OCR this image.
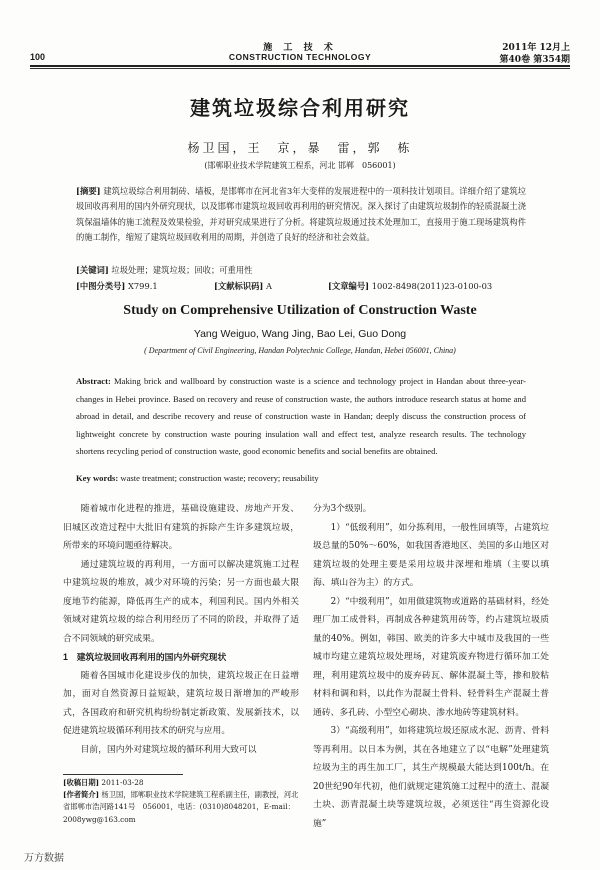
100
施 工 技 术
CONSTRUCTION TECHNOLOGY
2011年 12月上
第40卷 第354期
建筑垃圾综合利用研究
杨卫国，王　京，暴　雷，郭　栋
(邯郸职业技术学院建筑工程系，河北 邯郸　056001)
[摘要] 建筑垃圾综合利用制砖、墙板，是邯郸市在河北省3年大变样的发展进程中的一项科技计划项目。详细介绍了建筑垃圾回收再利用的国内外研究现状，以及邯郸市建筑垃圾回收再利用的研究情况。深入探讨了由建筑垃圾制作的轻质混凝土浇筑保温墙体的施工流程及效果检验，并对研究成果进行了分析。将建筑垃圾通过技术处理加工，直接用于施工现场建筑构件的施工制作，缩短了建筑垃圾回收利用的周期，并创造了良好的经济和社会效益。
[关键词] 垃圾处理；建筑垃圾；回收；可重用性
[中图分类号] X799.1	[文献标识码] A	[文章编号] 1002-8498(2011)23-0100-03
Study on Comprehensive Utilization of Construction Waste
Yang Weiguo, Wang Jing, Bao Lei, Guo Dong
( Department of Civil Engineering, Handan Polytechnic College, Handan, Hebei 056001, China)
Abstract: Making brick and wallboard by construction waste is a science and technology project in Handan about three-year-changes in Hebei province. Based on recovery and reuse of construction waste, the authors introduce research status at home and abroad in detail, and describe recovery and reuse of construction waste in Handan; deeply discuss the construction process of lightweight concrete by construction waste pouring insulation wall and effect test, analyze research results. The technology shortens recycling period of construction waste, good economic benefits and social benefits are obtained.
Key words: waste treatment; construction waste; recovery; reusability

随着城市化进程的推进，基础设施建设、房地产开发、旧城区改造过程中大批旧有建筑的拆除产生许多建筑垃圾，所带来的环境问题亟待解决。

通过建筑垃圾的再利用，一方面可以解决建筑施工过程中建筑垃圾的堆放，减少对环境的污染；另一方面也最大限度地节约能源，降低再生产的成本，利国利民。国内外相关领域对建筑垃圾的综合利用经历了不同的阶段，并取得了适合不同领域的研究成果。

1　建筑垃圾回收再利用的国内外研究现状

随着各国城市化建设步伐的加快，建筑垃圾正在日益增加，面对自然资源日益短缺，建筑垃圾日渐增加的严峻形式，各国政府和研究机构纷纷制定新政策、发展新技术，以促进建筑垃圾循环利用技术的研究与应用。

目前，国内外对建筑垃圾的循环利用大致可以

分为3个级别。

1）“低级利用”，如分拣利用，一般性回填等，占建筑垃圾总量的50%～60%，如我国香港地区、美国的多山地区对建筑垃圾的处理主要是采用垃圾井深埋和堆填（主要以填海、填山谷为主）的方式。

2）“中级利用”，如用做建筑物或道路的基础材料，经处理厂加工成骨料，再制成各种建筑用砖等，约占建筑垃圾质量的40%。例如，韩国、欧美的许多大中城市及我国的一些城市均建立建筑垃圾处理场，对建筑废弃物进行循环加工处理，利用建筑垃圾中的废弃砖瓦、解体混凝土等，掺和胶粘材料和调和料，以此作为混凝土骨料、轻骨料生产混凝土普通砖、多孔砖、小型空心砌块、渗水地砖等建筑材料。

3）“高级利用”，如将建筑垃圾还原成水泥、沥青、骨料等再利用。以日本为例，其在各地建立了以“电解”处理建筑垃圾为主的再生加工厂，其生产规模最大能达到100t/h。在20世纪90年代初，他们就规定建筑施工过程中的渣土、混凝土块、沥青混凝土块等建筑垃圾，必须送往“再生资源化设施”

[收稿日期] 2011-03-28
[作者简介] 杨卫国，邯郸职业技术学院建筑工程系副主任，副教授，河北省邯郸市浩河路141号　056001，电话：(0310)8048201，E-mail：2008ywg@163.com
万方数据
